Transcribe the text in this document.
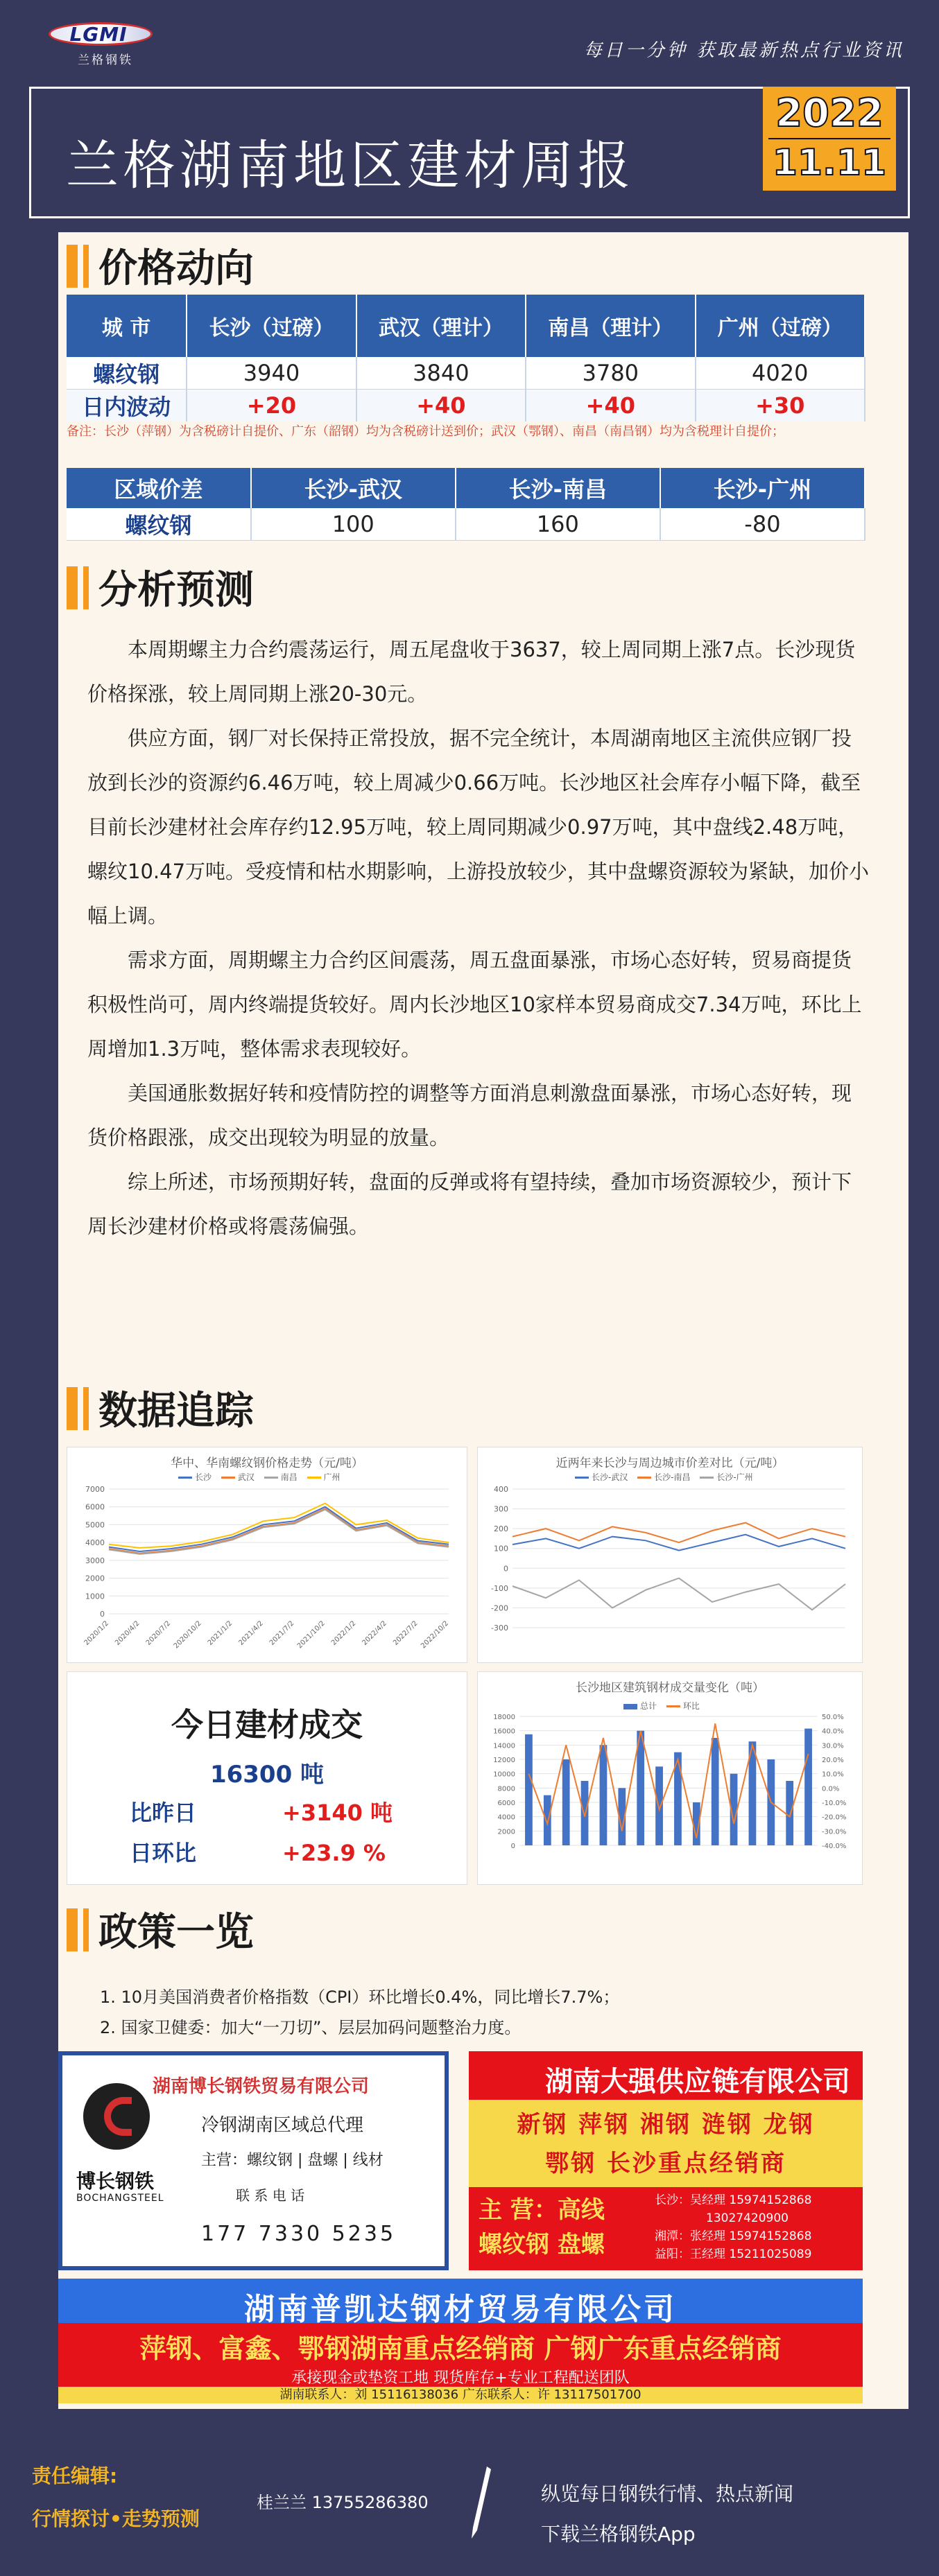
LGMI
兰格钢铁	每日一分钟 获取最新热点行业资讯
兰格湖南地区建材周报
2022
11.11
价格动向
城 市	长沙（过磅）	武汉（理计）	南昌（理计）	广州（过磅）
螺纹钢	3940	3840	3780	4020
日内波动	+20	+40	+40	+30
备注：长沙（萍钢）为含税磅计自提价、广东（韶钢）均为含税磅计送到价；武汉（鄂钢）、南昌（南昌钢）均为含税理计自提价；
区域价差	长沙-武汉	长沙-南昌	长沙-广州
螺纹钢	100	160	-80
分析预测

本周期螺主力合约震荡运行，周五尾盘收于3637，较上周同期上涨7点。长沙现货价格探涨，较上周同期上涨20-30元。

供应方面，钢厂对长保持正常投放，据不完全统计，本周湖南地区主流供应钢厂投放到长沙的资源约6.46万吨，较上周减少0.66万吨。长沙地区社会库存小幅下降，截至目前长沙建材社会库存约12.95万吨，较上周同期减少0.97万吨，其中盘线2.48万吨，螺纹10.47万吨。受疫情和枯水期影响，上游投放较少，其中盘螺资源较为紧缺，加价小幅上调。

需求方面，周期螺主力合约区间震荡，周五盘面暴涨，市场心态好转，贸易商提货积极性尚可，周内终端提货较好。周内长沙地区10家样本贸易商成交7.34万吨，环比上周增加1.3万吨，整体需求表现较好。

美国通胀数据好转和疫情防控的调整等方面消息刺激盘面暴涨，市场心态好转，现货价格跟涨，成交出现较为明显的放量。

综上所述，市场预期好转，盘面的反弹或将有望持续，叠加市场资源较少，预计下周长沙建材价格或将震荡偏强。

数据追踪
华中、华南螺纹钢价格走势（元/吨）
长沙	武汉	南昌	广州
7000
6000
5000
4000
3000
2000
1000
0
2020/1/2 2020/4/2 2020/7/2 2020/10/2 2021/1/2 2021/4/2 2021/7/2 2021/10/2 2022/1/2 2022/4/2 2022/7/2 2022/10/2
近两年来长沙与周边城市价差对比（元/吨）
长沙-武汉	长沙-南昌	长沙-广州
400
300
200
100
0
-100
-200
-300
今日建材成交
16300 吨
比昨日	+3140 吨
日环比	+23.9 %
长沙地区建筑钢材成交量变化（吨）
总计	环比
18000
16000
14000
12000
10000
8000
6000
4000
2000
0
50.0%
40.0%
30.0%
20.0%
10.0%
0.0%
-10.0%
-20.0%
-30.0%
-40.0%
政策一览
1. 10月美国消费者价格指数（CPI）环比增长0.4%，同比增长7.7%；
2. 国家卫健委：加大“一刀切”、层层加码问题整治力度。
湖南博长钢铁贸易有限公司
博长钢铁
BOCHANGSTEEL
冷钢湖南区域总代理
主营：螺纹钢 | 盘螺 | 线材
联 系 电 话
177 7330 5235
湖南大强供应链有限公司
新钢 萍钢 湘钢 涟钢 龙钢
鄂钢 长沙重点经销商
主 营：高线
螺纹钢 盘螺
长沙：吴经理 15974152868
13027420900
湘潭：张经理 15974152868
益阳：王经理 15211025089
湖南普凯达钢材贸易有限公司
萍钢、富鑫、鄂钢湖南重点经销商 广钢广东重点经销商
承接现金或垫资工地 现货库存+专业工程配送团队
湖南联系人：刘 15116138036 广东联系人：许 13117501700
责任编辑:
行情探讨•走势预测
桂兰兰 13755286380	纵览每日钢铁行情、热点新闻
下载兰格钢铁App
